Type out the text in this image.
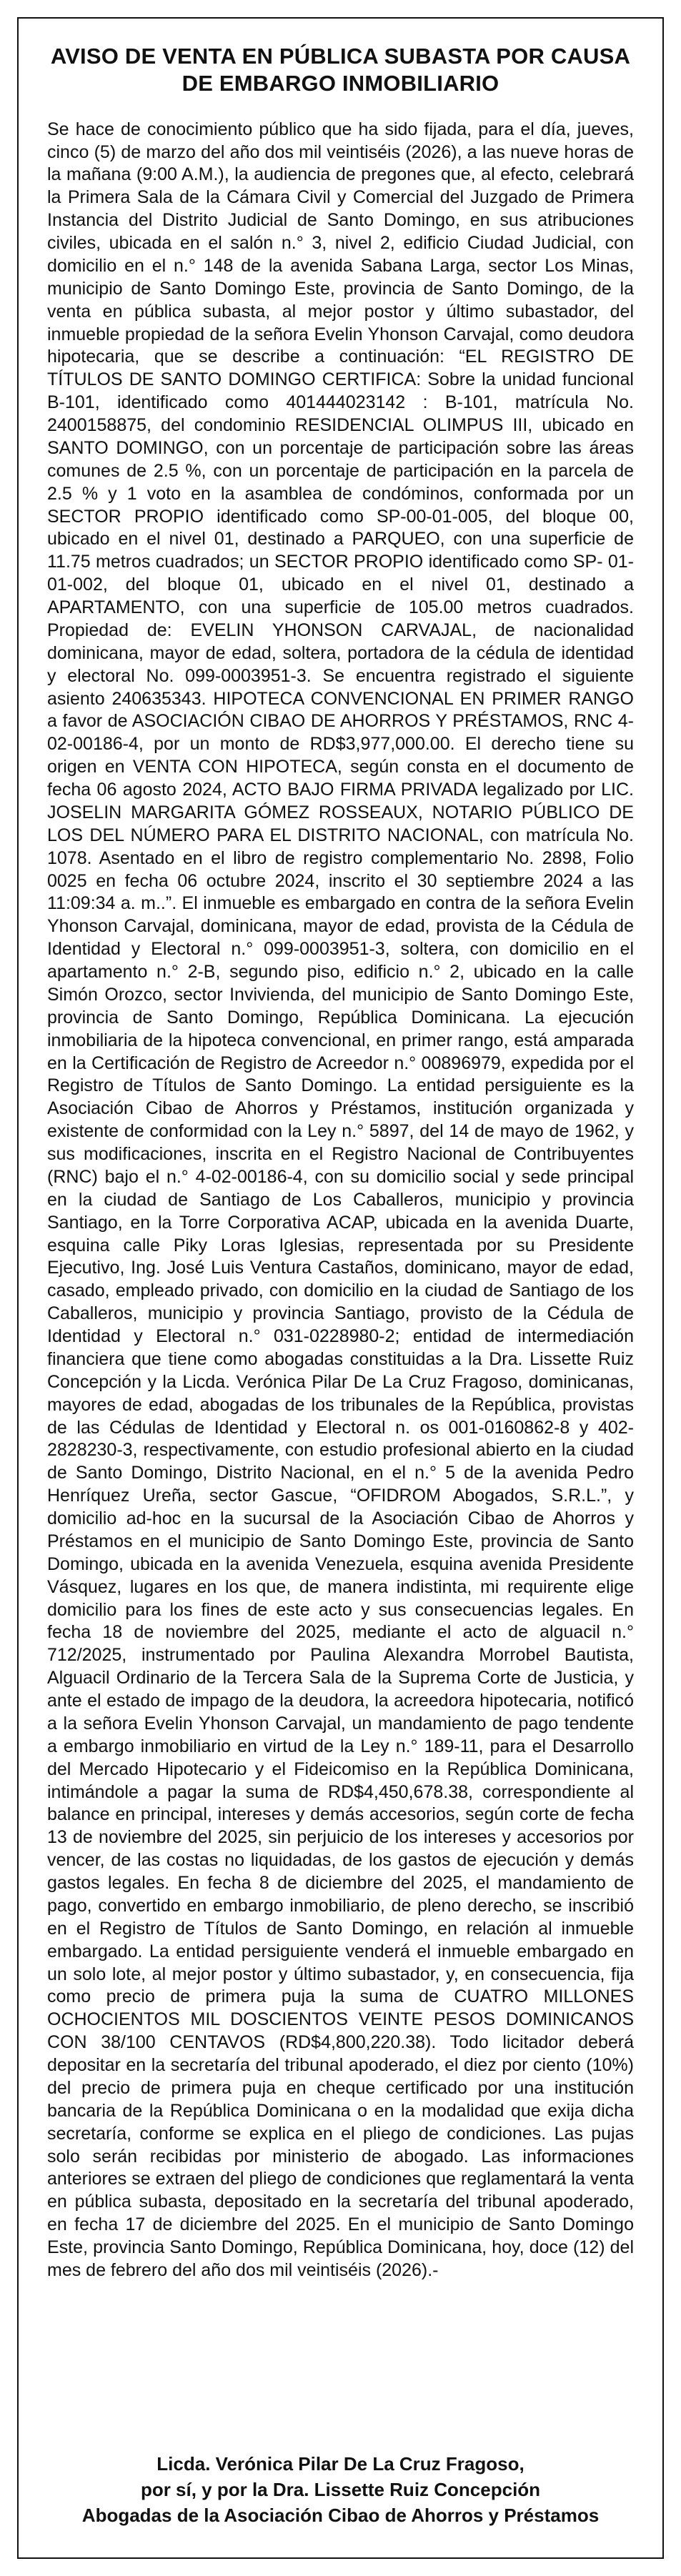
AVISO DE VENTA EN PÚBLICA SUBASTA POR CAUSA
DE EMBARGO INMOBILIARIO

Se hace de conocimiento público que ha sido fijada, para el día, jueves, cinco (5) de marzo del año dos mil veintiséis (2026), a las nueve horas de la mañana (9:00 A.M.), la audiencia de pregones que, al efecto, celebrará la Primera Sala de la Cámara Civil y Comercial del Juzgado de Primera Instancia del Distrito Judicial de Santo Domingo, en sus atribuciones civiles, ubicada en el salón n.° 3, nivel 2, edificio Ciudad Judicial, con domicilio en el n.° 148 de la avenida Sabana Larga, sector Los Minas, municipio de Santo Domingo Este, provincia de Santo Domingo, de la venta en pública subasta, al mejor postor y último subastador, del inmueble propiedad de la señora Evelin Yhonson Carvajal, como deudora hipotecaria, que se describe a continuación: “EL REGISTRO DE TÍTULOS DE SANTO DOMINGO CERTIFICA: Sobre la unidad funcional B-101, identificado como 401444023142 : B-101, matrícula No. 2400158875, del condominio RESIDENCIAL OLIMPUS III, ubicado en SANTO DOMINGO, con un porcentaje de participación sobre las áreas comunes de 2.5 %, con un porcentaje de participación en la parcela de 2.5 % y 1 voto en la asamblea de condóminos, conformada por un SECTOR PROPIO identificado como SP-00-01-005, del bloque 00, ubicado en el nivel 01, destinado a PARQUEO, con una superficie de 11.75 metros cuadrados; un SECTOR PROPIO identificado como SP- 01-01-002, del bloque 01, ubicado en el nivel 01, destinado a APARTAMENTO, con una superficie de 105.00 metros cuadrados. Propiedad de: EVELIN YHONSON CARVAJAL, de nacionalidad dominicana, mayor de edad, soltera, portadora de la cédula de identidad y electoral No. 099-0003951-3. Se encuentra registrado el siguiente asiento 240635343. HIPOTECA CONVENCIONAL EN PRIMER RANGO a favor de ASOCIACIÓN CIBAO DE AHORROS Y PRÉSTAMOS, RNC 4-02-00186-4, por un monto de RD$3,977,000.00. El derecho tiene su origen en VENTA CON HIPOTECA, según consta en el documento de fecha 06 agosto 2024, ACTO BAJO FIRMA PRIVADA legalizado por LIC. JOSELIN MARGARITA GÓMEZ ROSSEAUX, NOTARIO PÚBLICO DE LOS DEL NÚMERO PARA EL DISTRITO NACIONAL, con matrícula No. 1078. Asentado en el libro de registro complementario No. 2898, Folio 0025 en fecha 06 octubre 2024, inscrito el 30 septiembre 2024 a las 11:09:34 a. m..”. El inmueble es embargado en contra de la señora Evelin Yhonson Carvajal, dominicana, mayor de edad, provista de la Cédula de Identidad y Electoral n.° 099-0003951-3, soltera, con domicilio en el apartamento n.° 2-B, segundo piso, edificio n.° 2, ubicado en la calle Simón Orozco, sector Invivienda, del municipio de Santo Domingo Este, provincia de Santo Domingo, República Dominicana. La ejecución inmobiliaria de la hipoteca convencional, en primer rango, está amparada en la Certificación de Registro de Acreedor n.° 00896979, expedida por el Registro de Títulos de Santo Domingo. La entidad persiguiente es la Asociación Cibao de Ahorros y Préstamos, institución organizada y existente de conformidad con la Ley n.° 5897, del 14 de mayo de 1962, y sus modificaciones, inscrita en el Registro Nacional de Contribuyentes (RNC) bajo el n.° 4-02-00186-4, con su domicilio social y sede principal en la ciudad de Santiago de Los Caballeros, municipio y provincia Santiago, en la Torre Corporativa ACAP, ubicada en la avenida Duarte, esquina calle Piky Loras Iglesias, representada por su Presidente Ejecutivo, Ing. José Luis Ventura Castaños, dominicano, mayor de edad, casado, empleado privado, con domicilio en la ciudad de Santiago de los Caballeros, municipio y provincia Santiago, provisto de la Cédula de Identidad y Electoral n.° 031-0228980-2; entidad de intermediación financiera que tiene como abogadas constituidas a la Dra. Lissette Ruiz Concepción y la Licda. Verónica Pilar De La Cruz Fragoso, dominicanas, mayores de edad, abogadas de los tribunales de la República, provistas de las Cédulas de Identidad y Electoral n. os 001-0160862-8 y 402-2828230-3, respectivamente, con estudio profesional abierto en la ciudad de Santo Domingo, Distrito Nacional, en el n.° 5 de la avenida Pedro Henríquez Ureña, sector Gascue, “OFIDROM Abogados, S.R.L.”, y domicilio ad-hoc en la sucursal de la Asociación Cibao de Ahorros y Préstamos en el municipio de Santo Domingo Este, provincia de Santo Domingo, ubicada en la avenida Venezuela, esquina avenida Presidente Vásquez, lugares en los que, de manera indistinta, mi requirente elige domicilio para los fines de este acto y sus consecuencias legales. En fecha 18 de noviembre del 2025, mediante el acto de alguacil n.° 712/2025, instrumentado por Paulina Alexandra Morrobel Bautista, Alguacil Ordinario de la Tercera Sala de la Suprema Corte de Justicia, y ante el estado de impago de la deudora, la acreedora hipotecaria, notificó a la señora Evelin Yhonson Carvajal, un mandamiento de pago tendente a embargo inmobiliario en virtud de la Ley n.° 189-11, para el Desarrollo del Mercado Hipotecario y el Fideicomiso en la República Dominicana, intimándole a pagar la suma de RD$4,450,678.38, correspondiente al balance en principal, intereses y demás accesorios, según corte de fecha 13 de noviembre del 2025, sin perjuicio de los intereses y accesorios por vencer, de las costas no liquidadas, de los gastos de ejecución y demás gastos legales. En fecha 8 de diciembre del 2025, el mandamiento de pago, convertido en embargo inmobiliario, de pleno derecho, se inscribió en el Registro de Títulos de Santo Domingo, en relación al inmueble embargado. La entidad persiguiente venderá el inmueble embargado en un solo lote, al mejor postor y último subastador, y, en consecuencia, fija como precio de primera puja la suma de CUATRO MILLONES OCHOCIENTOS MIL DOSCIENTOS VEINTE PESOS DOMINICANOS CON 38/100 CENTAVOS (RD$4,800,220.38). Todo licitador deberá depositar en la secretaría del tribunal apoderado, el diez por ciento (10%) del precio de primera puja en cheque certificado por una institución bancaria de la República Dominicana o en la modalidad que exija dicha secretaría, conforme se explica en el pliego de condiciones. Las pujas solo serán recibidas por ministerio de abogado. Las informaciones anteriores se extraen del pliego de condiciones que reglamentará la venta en pública subasta, depositado en la secretaría del tribunal apoderado, en fecha 17 de diciembre del 2025. En el municipio de Santo Domingo Este, provincia Santo Domingo, República Dominicana, hoy, doce (12) del mes de febrero del año dos mil veintiséis (2026).-

Licda. Verónica Pilar De La Cruz Fragoso,
por sí, y por la Dra. Lissette Ruiz Concepción
Abogadas de la Asociación Cibao de Ahorros y Préstamos
